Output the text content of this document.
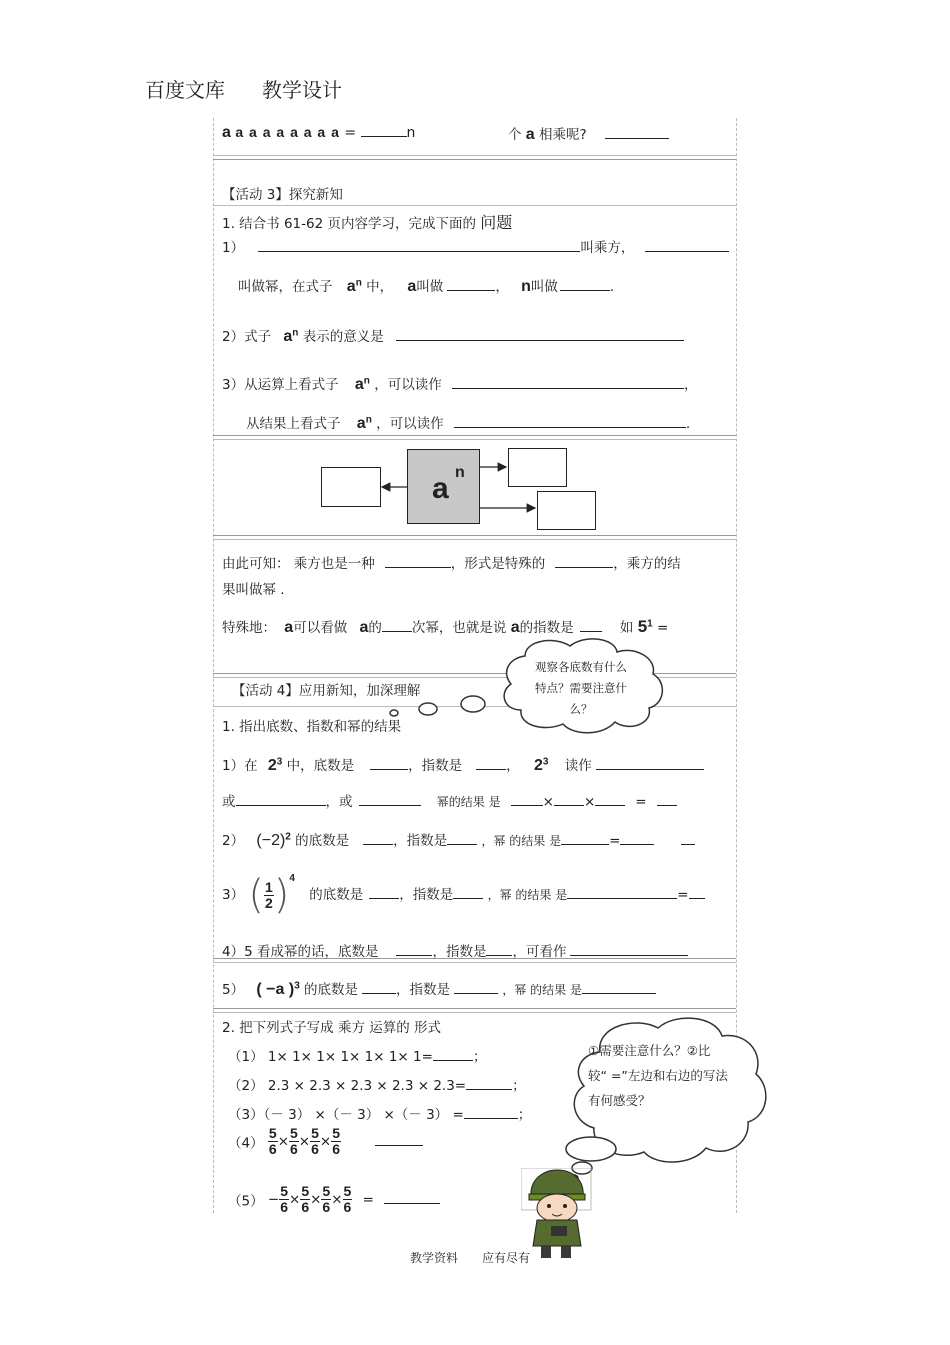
百度文库 教学设计
a a a a a a a a a =	n	个 a 相乘呢?
【活动 3】探究新知
1. 结合书 61-62 页内容学习，完成下面的 问题
1）	叫乘方，
叫做幂，在式子 $a^n$ 中， a叫做	， n叫做	.
2）式子 $a^n$ 表示的意义是
3）从运算上看式子 $a^n$ ，可以读作	，
从结果上看式子 $a^n$ ，可以读作	.
a n
由此可知： 乘方也是一种	，形式是特殊的	，乘方的结
果叫做幂 .
特殊地： a可以看做 a的 次幂，也就是说 a的指数是	如 $5^1$ =
观察各底数有什么特点？需要注意什么？
【活动 4】应用新知，加深理解
1. 指出底数、指数和幂的结果
1）在 $2^3$ 中，底数是	，指数是	， $2^3$ 读作
或	，或	幂的结果 是	× ×	=
2） $(-2)^2$ 的底数是	，指数是	，幂 的结果 是	=
3） ( $\frac{1}{2} )^4$ 的底数是	，指数是	，幂 的结果 是	=
4）5 看成幂的话，底数是	，指数是 ，可看作
5） ( −a )$^3$ 的底数是	，指数是	，幂 的结果 是
2. 把下列式子写成 乘方 运算的 形式
（1） 1× 1× 1× 1× 1× 1× 1=	；
（2） 2.3 × 2.3 × 2.3 × 2.3 × 2.3=	；
（3）（－ 3） ×（－ 3） ×（－ 3） =	；
$(4) \frac{5}{6} \times \frac{5}{6} \times \frac{5}{6} \times \frac{5}{6}$

$(5) - \frac{5}{6} \times \frac{5}{6} \times \frac{5}{6} \times \frac{5}{6}$ =
①需要注意什么？②比较“ =”左边和右边的写法有何感受？
教学资料 应有尽有
